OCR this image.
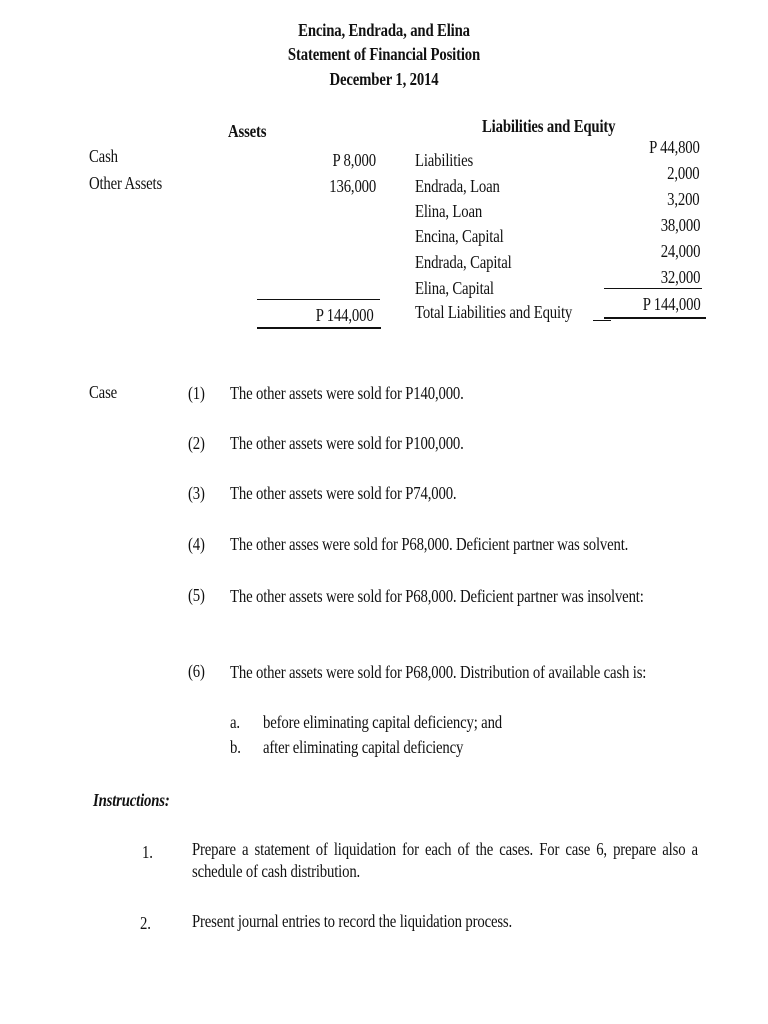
Encina, Endrada, and Elina
Statement of Financial Position
December 1, 2014
Assets	Liabilities and Equity
Cash
Other Assets
P 8,000
136,000
P 144,000
Liabilities
Endrada, Loan
Elina, Loan
Encina, Capital
Endrada, Capital
Elina, Capital
Total Liabilities and Equity
P 44,800
2,000
3,200
38,000
24,000
32,000
P 144,000
Case	(1) The other assets were sold for P140,000.
(2) The other assets were sold for P100,000.
(3) The other assets were sold for P74,000.
(4) The other asses were sold for P68,000. Deficient partner was solvent.
(5) The other assets were sold for P68,000. Deficient partner was insolvent:
(6) The other assets were sold for P68,000. Distribution of available cash is:
a. before eliminating capital deficiency; and
b. after eliminating capital deficiency
Instructions:
1. Prepare a statement of liquidation for each of the cases. For case 6, prepare also a schedule of cash distribution.
2. Present journal entries to record the liquidation process.
